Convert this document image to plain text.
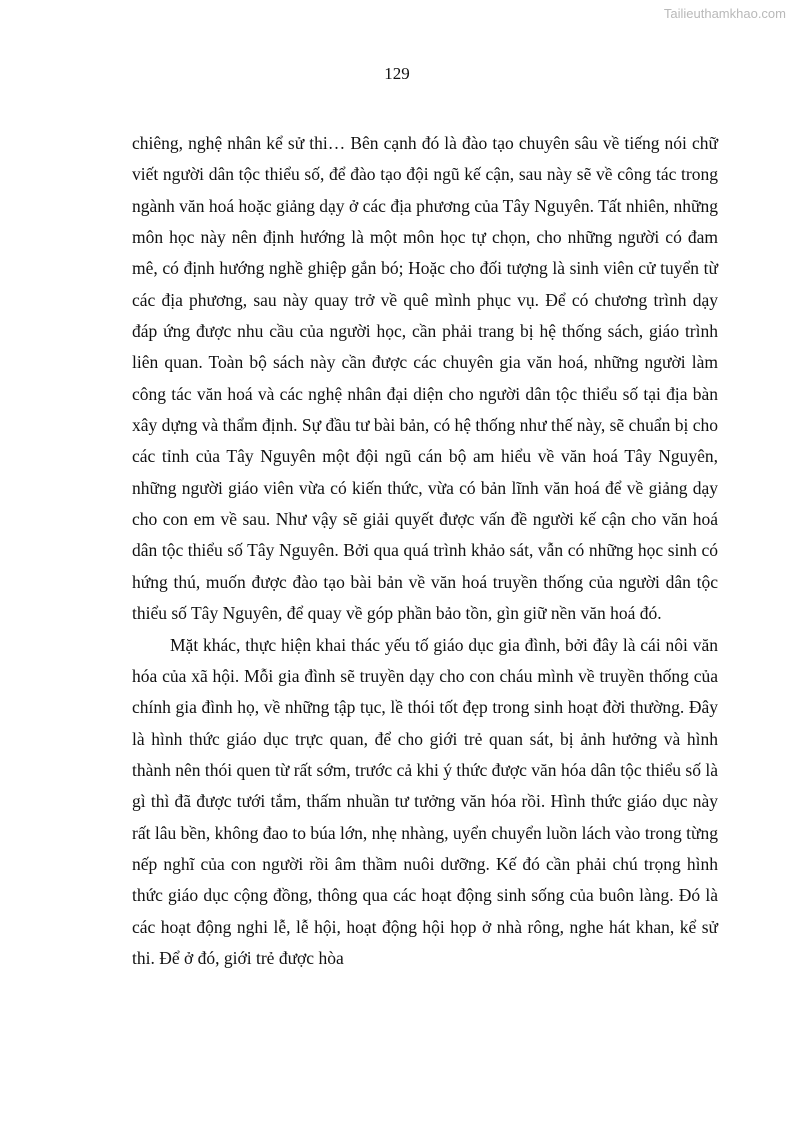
Tailieuthamkhao.com
129

chiêng, nghệ nhân kể sử thi… Bên cạnh đó là đào tạo chuyên sâu về tiếng nói chữ viết người dân tộc thiểu số, để đào tạo đội ngũ kế cận, sau này sẽ về công tác trong ngành văn hoá hoặc giảng dạy ở các địa phương của Tây Nguyên. Tất nhiên, những môn học này nên định hướng là một môn học tự chọn, cho những người có đam mê, có định hướng nghề ghiệp gắn bó; Hoặc cho đối tượng là sinh viên cử tuyển từ các địa phương, sau này quay trở về quê mình phục vụ. Để có chương trình dạy đáp ứng được nhu cầu của người học, cần phải trang bị hệ thống sách, giáo trình liên quan. Toàn bộ sách này cần được các chuyên gia văn hoá, những người làm công tác văn hoá và các nghệ nhân đại diện cho người dân tộc thiểu số tại địa bàn xây dựng và thẩm định. Sự đầu tư bài bản, có hệ thống như thế này, sẽ chuẩn bị cho các tỉnh của Tây Nguyên một đội ngũ cán bộ am hiểu về văn hoá Tây Nguyên, những người giáo viên vừa có kiến thức, vừa có bản lĩnh văn hoá để về giảng dạy cho con em về sau. Như vậy sẽ giải quyết được vấn đề người kế cận cho văn hoá dân tộc thiểu số Tây Nguyên. Bởi qua quá trình khảo sát, vẫn có những học sinh có hứng thú, muốn được đào tạo bài bản về văn hoá truyền thống của người dân tộc thiểu số Tây Nguyên, để quay về góp phần bảo tồn, gìn giữ nền văn hoá đó.

Mặt khác, thực hiện khai thác yếu tố giáo dục gia đình, bởi đây là cái nôi văn hóa của xã hội. Mỗi gia đình sẽ truyền dạy cho con cháu mình về truyền thống của chính gia đình họ, về những tập tục, lề thói tốt đẹp trong sinh hoạt đời thường. Đây là hình thức giáo dục trực quan, để cho giới trẻ quan sát, bị ảnh hưởng và hình thành nên thói quen từ rất sớm, trước cả khi ý thức được văn hóa dân tộc thiểu số là gì thì đã được tưới tắm, thấm nhuần tư tưởng văn hóa rồi. Hình thức giáo dục này rất lâu bền, không đao to búa lớn, nhẹ nhàng, uyển chuyển luồn lách vào trong từng nếp nghĩ của con người rồi âm thầm nuôi dưỡng. Kế đó cần phải chú trọng hình thức giáo dục cộng đồng, thông qua các hoạt động sinh sống của buôn làng. Đó là các hoạt động nghi lễ, lễ hội, hoạt động hội họp ở nhà rông, nghe hát khan, kể sử thi. Để ở đó, giới trẻ được hòa
